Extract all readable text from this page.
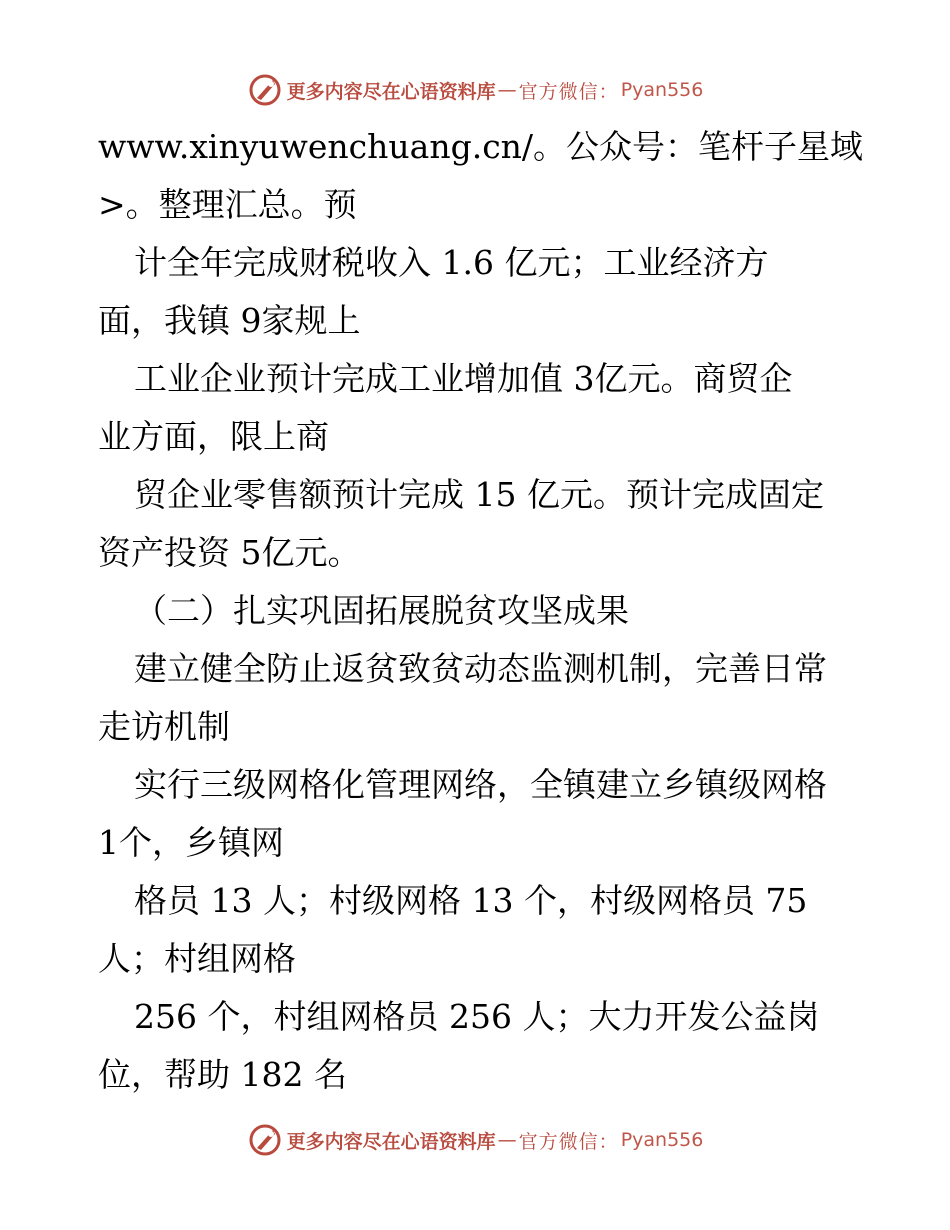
更多内容尽在心语资料库 — 官方微信： Pyan556
www.xinyuwenchuang.cn/。公众号：笔杆子星域
>。整理汇总。预
计全年完成财税收入 1.6 亿元；工业经济方
面，我镇 9家规上
工业企业预计完成工业增加值 3亿元。商贸企
业方面，限上商
贸企业零售额预计完成 15 亿元。预计完成固定
资产投资 5亿元。
（二）扎实巩固拓展脱贫攻坚成果
建立健全防止返贫致贫动态监测机制，完善日常
走访机制
实行三级网格化管理网络，全镇建立乡镇级网格
1个，乡镇网
格员 13 人；村级网格 13 个，村级网格员 75
人；村组网格
256 个，村组网格员 256 人；大力开发公益岗
位，帮助 182 名
更多内容尽在心语资料库 — 官方微信： Pyan556
